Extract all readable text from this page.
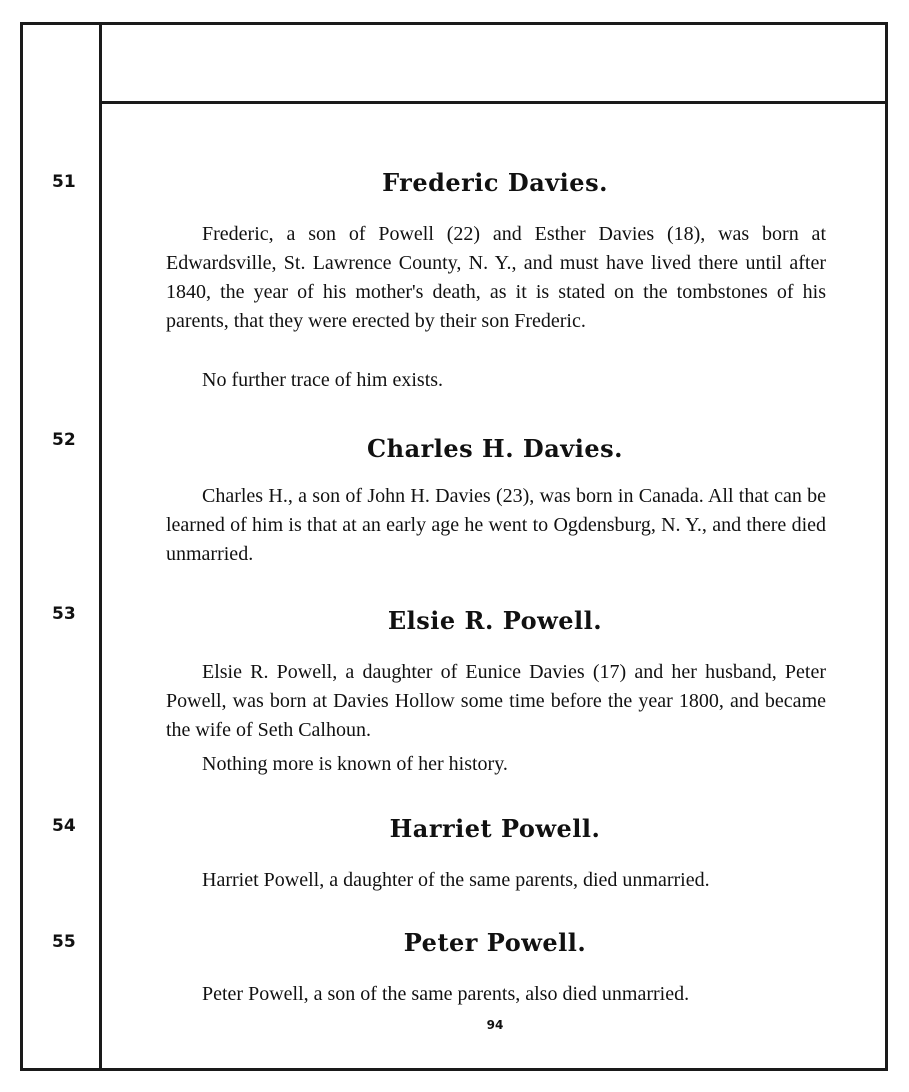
51	Frederic Davies.

Frederic, a son of Powell (22) and Esther Davies (18), was born at Edwardsville, St. Lawrence County, N. Y., and must have lived there until after 1840, the year of his mother's death, as it is stated on the tombstones of his parents, that they were erected by their son Frederic.

No further trace of him exists.

52	Charles H. Davies.

Charles H., a son of John H. Davies (23), was born in Canada. All that can be learned of him is that at an early age he went to Ogdensburg, N. Y., and there died unmarried.

53	Elsie R. Powell.

Elsie R. Powell, a daughter of Eunice Davies (17) and her husband, Peter Powell, was born at Davies Hollow some time before the year 1800, and became the wife of Seth Calhoun.

Nothing more is known of her history.

54	Harriet Powell.

Harriet Powell, a daughter of the same parents, died unmarried.

55	Peter Powell.

Peter Powell, a son of the same parents, also died unmarried.

94
